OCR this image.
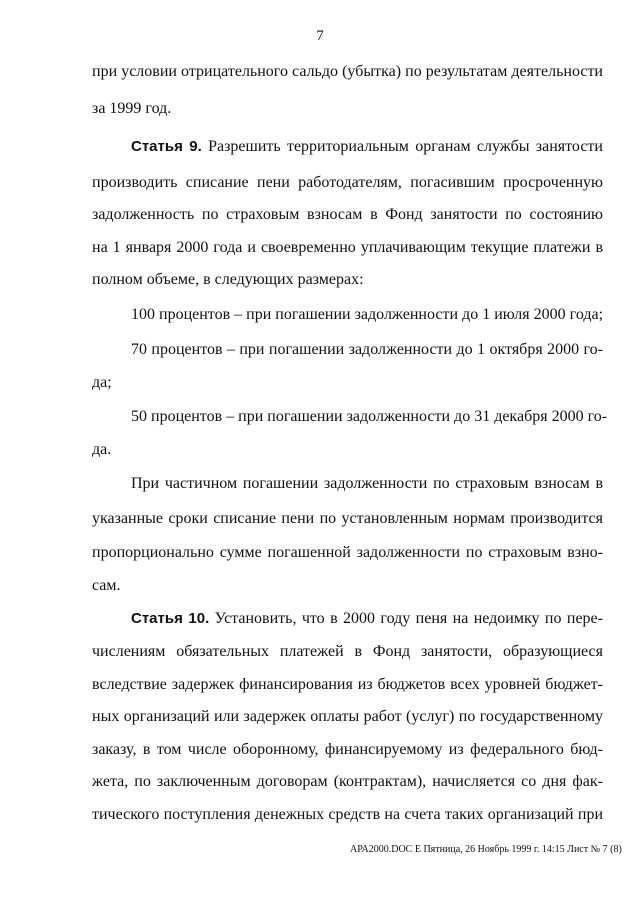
7
при условии отрицательного сальдо (убытка) по результатам деятельности
за 1999 год.
Статья 9. Разрешить территориальным органам службы занятости
производить списание пени работодателям, погасившим просроченную
задолженность по страховым взносам в Фонд занятости по состоянию
на 1 января 2000 года и своевременно уплачивающим текущие платежи в
полном объеме, в следующих размерах:
100 процентов – при погашении задолженности до 1 июля 2000 года;
70 процентов – при погашении задолженности до 1 октября 2000 го-
да;
50 процентов – при погашении задолженности до 31 декабря 2000 го-
да.
При частичном погашении задолженности по страховым взносам в
указанные сроки списание пени по установленным нормам производится
пропорционально сумме погашенной задолженности по страховым взно-
сам.
Статья 10. Установить, что в 2000 году пеня на недоимку по пере-
числениям обязательных платежей в Фонд занятости, образующиеся
вследствие задержек финансирования из бюджетов всех уровней бюджет-
ных организаций или задержек оплаты работ (услуг) по государственному
заказу, в том числе оборонному, финансируемому из федерального бюд-
жета, по заключенным договорам (контрактам), начисляется со дня фак-
тического поступления денежных средств на счета таких организаций при
АРА2000.DOC Е Пятница, 26 Ноябрь 1999 г. 14:15 Лист № 7 (8)
